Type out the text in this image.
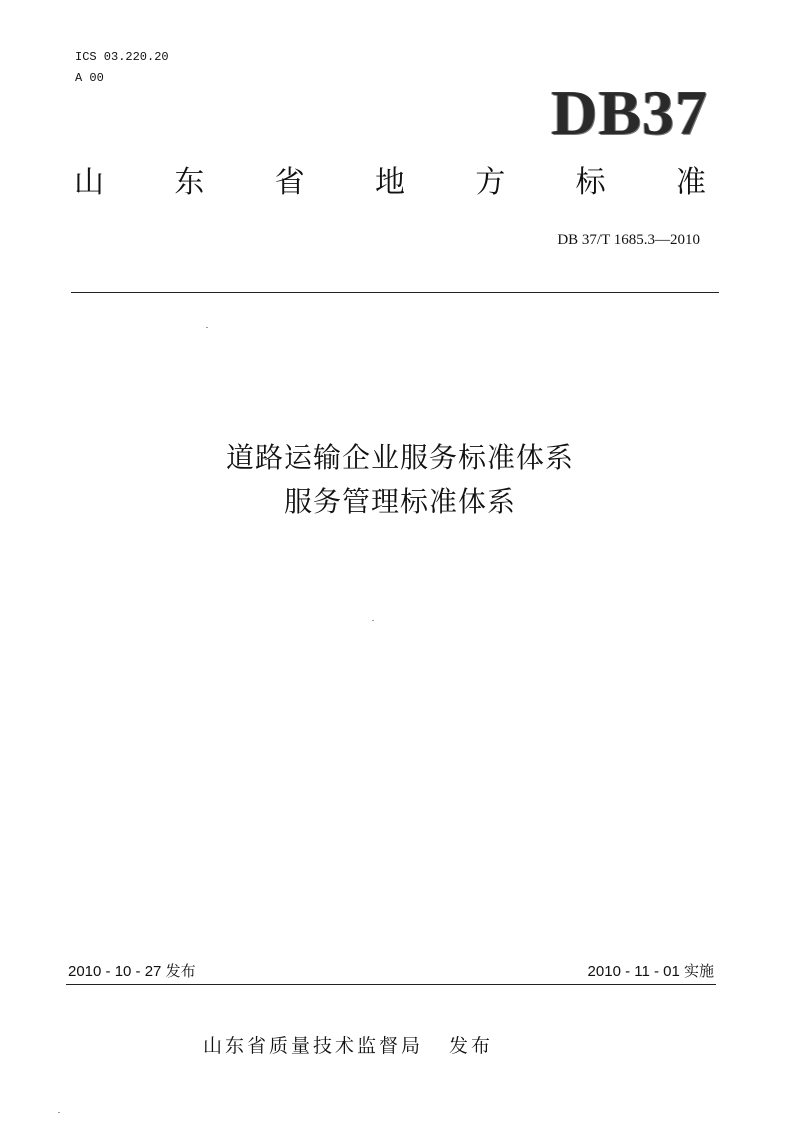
ICS 03.220.20
A 00	DB37
山	东	省	地	方	标	准
DB 37/T 1685.3—2010
道路运输企业服务标准体系
服务管理标准体系
2010 - 10 - 27 发布	2010 - 11 - 01 实施
山东省质量技术监督局 发布
